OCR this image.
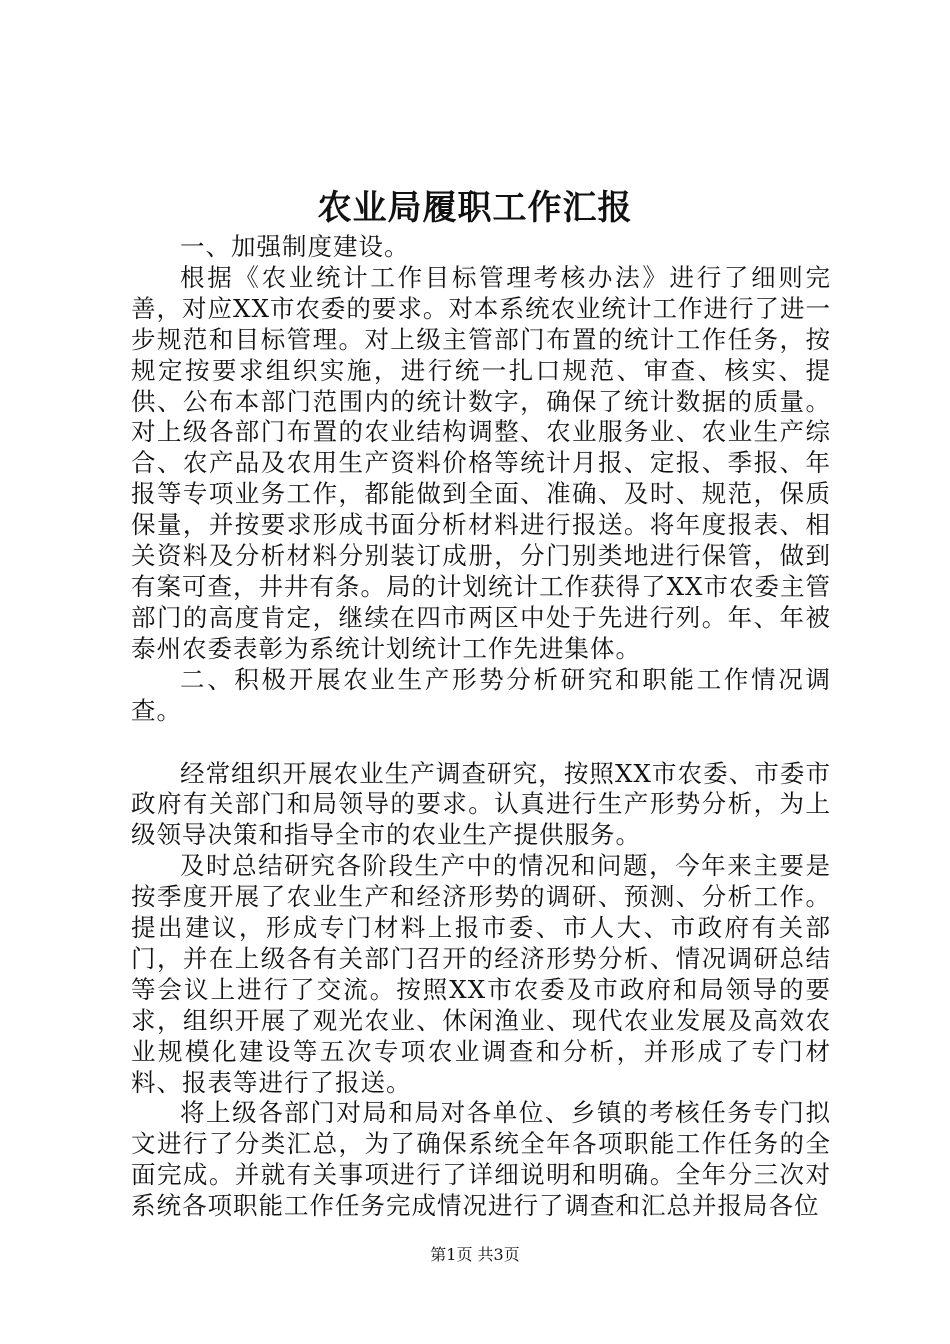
农业局履职工作汇报

一、加强制度建设。

根据《农业统计工作目标管理考核办法》进行了细则完善，对应XX市农委的要求。对本系统农业统计工作进行了进一步规范和目标管理。对上级主管部门布置的统计工作任务，按规定按要求组织实施，进行统一扎口规范、审查、核实、提供、公布本部门范围内的统计数字，确保了统计数据的质量。对上级各部门布置的农业结构调整、农业服务业、农业生产综合、农产品及农用生产资料价格等统计月报、定报、季报、年报等专项业务工作，都能做到全面、准确、及时、规范，保质保量，并按要求形成书面分析材料进行报送。将年度报表、相关资料及分析材料分别装订成册，分门别类地进行保管，做到有案可查，井井有条。局的计划统计工作获得了XX市农委主管部门的高度肯定，继续在四市两区中处于先进行列。年、年被泰州农委表彰为系统计划统计工作先进集体。

二、积极开展农业生产形势分析研究和职能工作情况调查。

经常组织开展农业生产调查研究，按照XX市农委、市委市政府有关部门和局领导的要求。认真进行生产形势分析，为上级领导决策和指导全市的农业生产提供服务。

及时总结研究各阶段生产中的情况和问题，今年来主要是按季度开展了农业生产和经济形势的调研、预测、分析工作。提出建议，形成专门材料上报市委、市人大、市政府有关部门，并在上级各有关部门召开的经济形势分析、情况调研总结等会议上进行了交流。按照XX市农委及市政府和局领导的要求，组织开展了观光农业、休闲渔业、现代农业发展及高效农业规模化建设等五次专项农业调查和分析，并形成了专门材料、报表等进行了报送。

将上级各部门对局和局对各单位、乡镇的考核任务专门拟文进行了分类汇总，为了确保系统全年各项职能工作任务的全面完成。并就有关事项进行了详细说明和明确。全年分三次对系统各项职能工作任务完成情况进行了调查和汇总并报局各位

第1页 共3页
